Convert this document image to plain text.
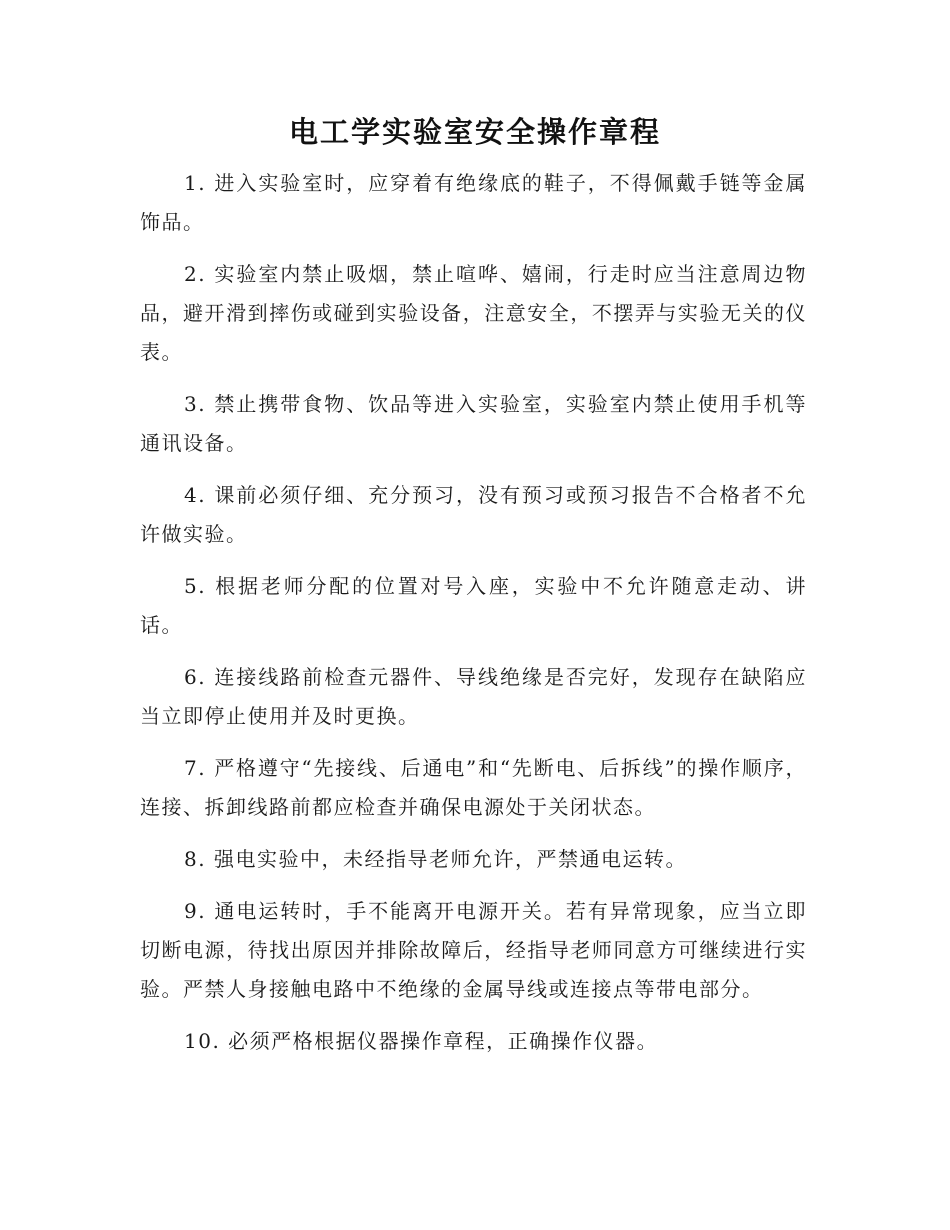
电工学实验室安全操作章程

1. 进入实验室时，应穿着有绝缘底的鞋子，不得佩戴手链等金属饰品。

2. 实验室内禁止吸烟，禁止喧哗、嬉闹，行走时应当注意周边物品，避开滑到摔伤或碰到实验设备，注意安全，不摆弄与实验无关的仪表。

3. 禁止携带食物、饮品等进入实验室，实验室内禁止使用手机等通讯设备。

4. 课前必须仔细、充分预习，没有预习或预习报告不合格者不允许做实验。

5. 根据老师分配的位置对号入座，实验中不允许随意走动、讲话。

6. 连接线路前检查元器件、导线绝缘是否完好，发现存在缺陷应当立即停止使用并及时更换。

7. 严格遵守“先接线、后通电”和“先断电、后拆线”的操作顺序，连接、拆卸线路前都应检查并确保电源处于关闭状态。

8. 强电实验中，未经指导老师允许，严禁通电运转。

9. 通电运转时，手不能离开电源开关。若有异常现象，应当立即切断电源，待找出原因并排除故障后，经指导老师同意方可继续进行实验。严禁人身接触电路中不绝缘的金属导线或连接点等带电部分。

10. 必须严格根据仪器操作章程，正确操作仪器。
